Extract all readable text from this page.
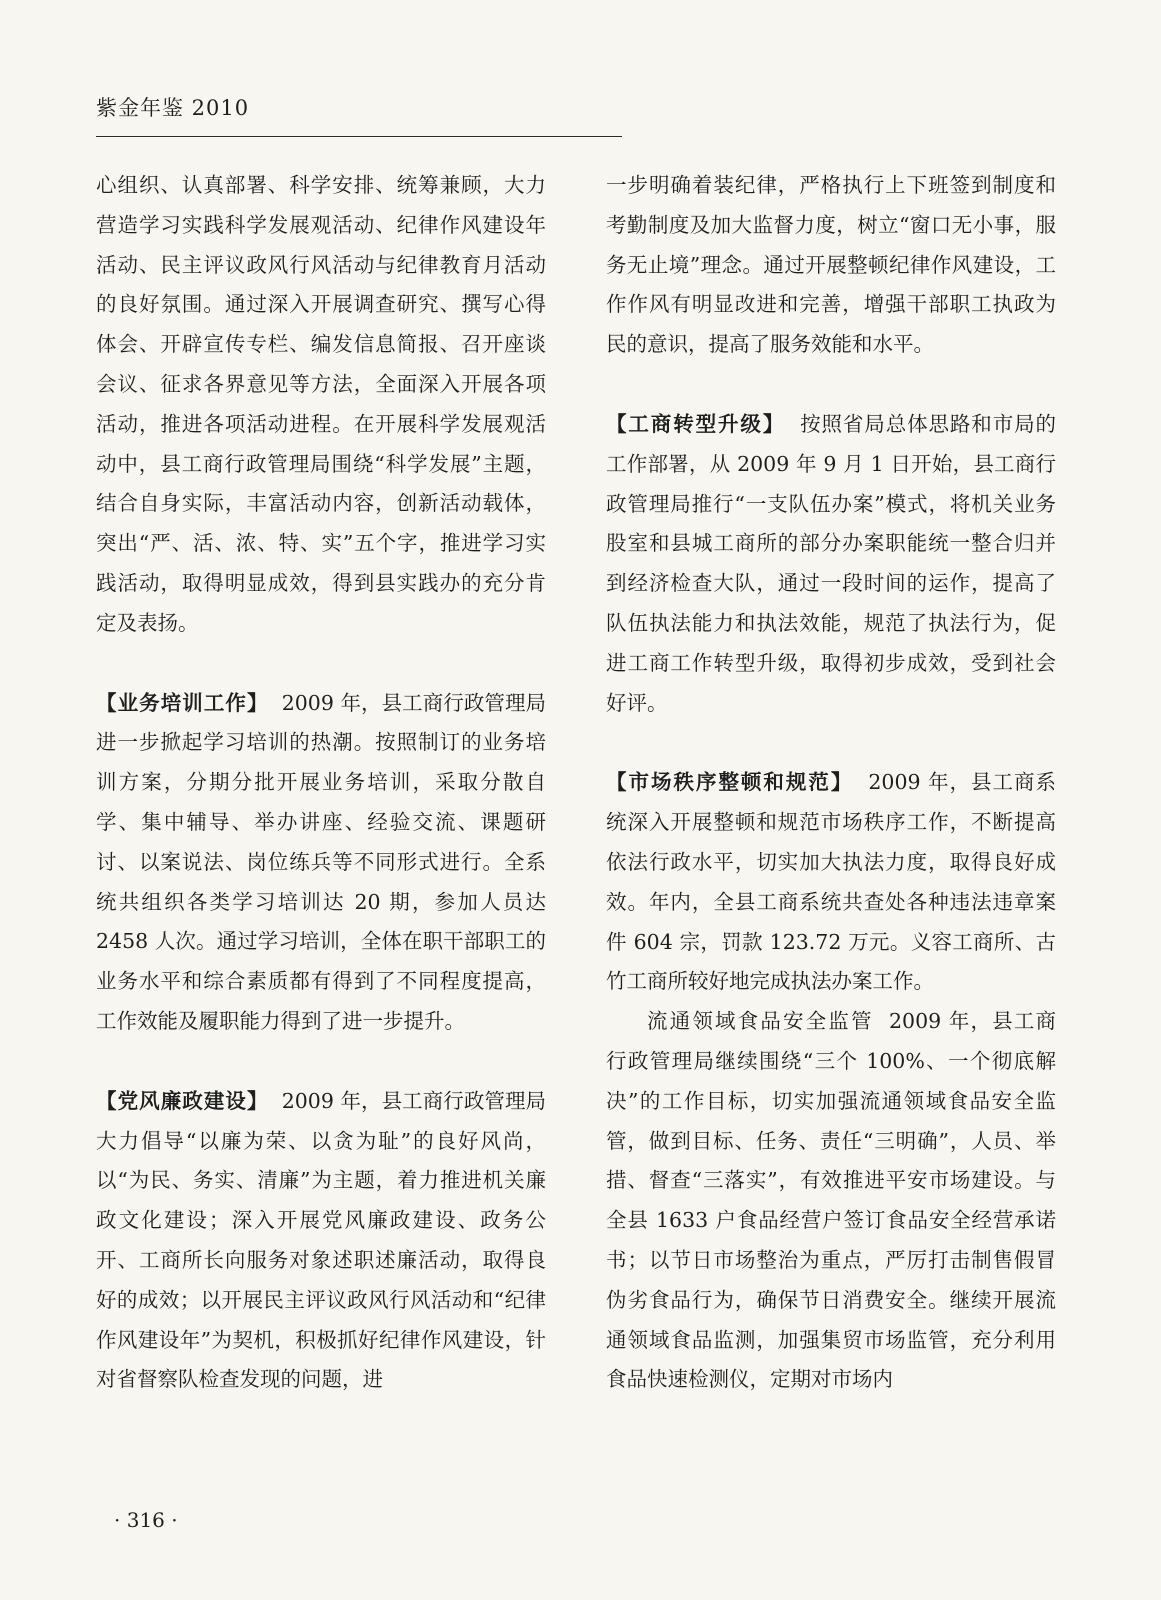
紫金年鉴 2010

心组织、认真部署、科学安排、统筹兼顾，大力营造学习实践科学发展观活动、纪律作风建设年活动、民主评议政风行风活动与纪律教育月活动的良好氛围。通过深入开展调查研究、撰写心得体会、开辟宣传专栏、编发信息简报、召开座谈会议、征求各界意见等方法，全面深入开展各项活动，推进各项活动进程。在开展科学发展观活动中，县工商行政管理局围绕“科学发展”主题，结合自身实际，丰富活动内容，创新活动载体，突出“严、活、浓、特、实”五个字，推进学习实践活动，取得明显成效，得到县实践办的充分肯定及表扬。

【业务培训工作】 2009 年，县工商行政管理局进一步掀起学习培训的热潮。按照制订的业务培训方案，分期分批开展业务培训，采取分散自学、集中辅导、举办讲座、经验交流、课题研讨、以案说法、岗位练兵等不同形式进行。全系统共组织各类学习培训达 20 期，参加人员达 2458 人次。通过学习培训，全体在职干部职工的业务水平和综合素质都有得到了不同程度提高，工作效能及履职能力得到了进一步提升。

【党风廉政建设】 2009 年，县工商行政管理局大力倡导“以廉为荣、以贪为耻”的良好风尚，以“为民、务实、清廉”为主题，着力推进机关廉政文化建设；深入开展党风廉政建设、政务公开、工商所长向服务对象述职述廉活动，取得良好的成效；以开展民主评议政风行风活动和“纪律作风建设年”为契机，积极抓好纪律作风建设，针对省督察队检查发现的问题，进

一步明确着装纪律，严格执行上下班签到制度和考勤制度及加大监督力度，树立“窗口无小事，服务无止境”理念。通过开展整顿纪律作风建设，工作作风有明显改进和完善，增强干部职工执政为民的意识，提高了服务效能和水平。

【工商转型升级】 按照省局总体思路和市局的工作部署，从 2009 年 9 月 1 日开始，县工商行政管理局推行“一支队伍办案”模式，将机关业务股室和县城工商所的部分办案职能统一整合归并到经济检查大队，通过一段时间的运作，提高了队伍执法能力和执法效能，规范了执法行为，促进工商工作转型升级，取得初步成效，受到社会好评。

【市场秩序整顿和规范】 2009 年，县工商系统深入开展整顿和规范市场秩序工作，不断提高依法行政水平，切实加大执法力度，取得良好成效。年内，全县工商系统共查处各种违法违章案件 604 宗，罚款 123.72 万元。义容工商所、古竹工商所较好地完成执法办案工作。

流通领域食品安全监管 2009 年，县工商行政管理局继续围绕“三个 100%、一个彻底解决”的工作目标，切实加强流通领域食品安全监管，做到目标、任务、责任“三明确”，人员、举措、督查“三落实”，有效推进平安市场建设。与全县 1633 户食品经营户签订食品安全经营承诺书；以节日市场整治为重点，严厉打击制售假冒伪劣食品行为，确保节日消费安全。继续开展流通领域食品监测，加强集贸市场监管，充分利用食品快速检测仪，定期对市场内

· 316 ·
